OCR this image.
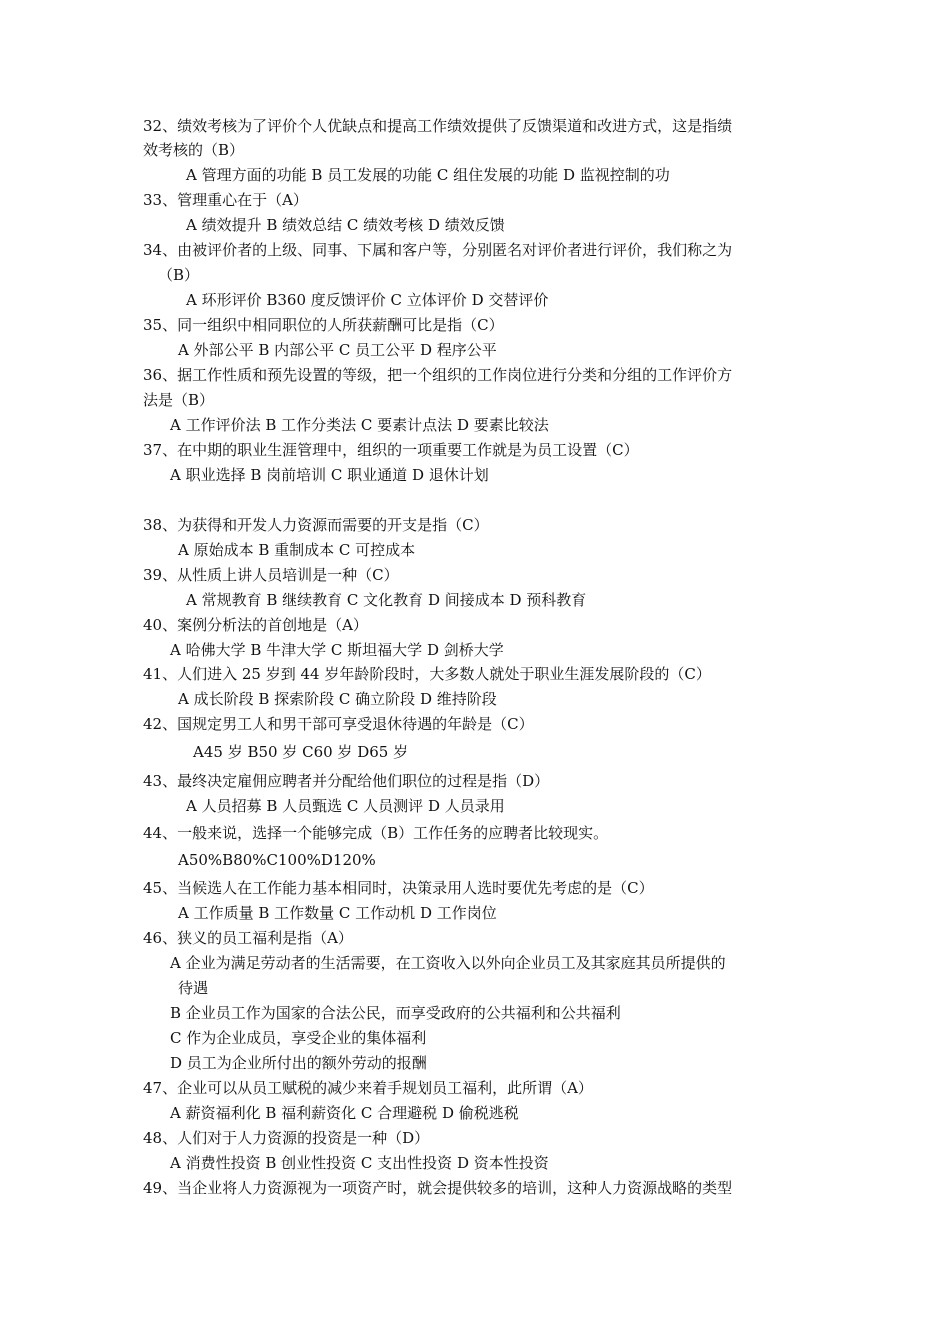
32、绩效考核为了评价个人优缺点和提高工作绩效提供了反馈渠道和改进方式，这是指绩
效考核的（B）
A 管理方面的功能 B 员工发展的功能 C 组住发展的功能 D 监视控制的功
33、管理重心在于（A）
A 绩效提升 B 绩效总结 C 绩效考核 D 绩效反馈
34、由被评价者的上级、同事、下属和客户等，分别匿名对评价者进行评价，我们称之为
（B）
A 环形评价 B360 度反馈评价 C 立体评价 D 交替评价
35、同一组织中相同职位的人所获薪酬可比是指（C）
A 外部公平 B 内部公平 C 员工公平 D 程序公平
36、据工作性质和预先设置的等级，把一个组织的工作岗位进行分类和分组的工作评价方
法是（B）
A 工作评价法 B 工作分类法 C 要素计点法 D 要素比较法
37、在中期的职业生涯管理中，组织的一项重要工作就是为员工设置（C）
A 职业选择 B 岗前培训 C 职业通道 D 退休计划
38、为获得和开发人力资源而需要的开支是指（C）
A 原始成本 B 重制成本 C 可控成本
39、从性质上讲人员培训是一种（C）
A 常规教育 B 继续教育 C 文化教育 D 间接成本 D 预科教育
40、案例分析法的首创地是（A）
A 哈佛大学 B 牛津大学 C 斯坦福大学 D 剑桥大学
41、人们进入 25 岁到 44 岁年龄阶段时，大多数人就处于职业生涯发展阶段的（C）
A 成长阶段 B 探索阶段 C 确立阶段 D 维持阶段
42、国规定男工人和男干部可享受退休待遇的年龄是（C）
A45 岁 B50 岁 C60 岁 D65 岁
43、最终决定雇佣应聘者并分配给他们职位的过程是指（D）
A 人员招募 B 人员甄选 C 人员测评 D 人员录用
44、一般来说，选择一个能够完成（B）工作任务的应聘者比较现实。
A50%B80%C100%D120%
45、当候选人在工作能力基本相同时，决策录用人选时要优先考虑的是（C）
A 工作质量 B 工作数量 C 工作动机 D 工作岗位
46、狭义的员工福利是指（A）
A 企业为满足劳动者的生活需要，在工资收入以外向企业员工及其家庭其员所提供的
待遇
B 企业员工作为国家的合法公民，而享受政府的公共福利和公共福利
C 作为企业成员，享受企业的集体福利
D 员工为企业所付出的额外劳动的报酬
47、企业可以从员工赋税的减少来着手规划员工福利，此所谓（A）
A 薪资福利化 B 福利薪资化 C 合理避税 D 偷税逃税
48、人们对于人力资源的投资是一种（D）
A 消费性投资 B 创业性投资 C 支出性投资 D 资本性投资
49、当企业将人力资源视为一项资产时，就会提供较多的培训，这种人力资源战略的类型
